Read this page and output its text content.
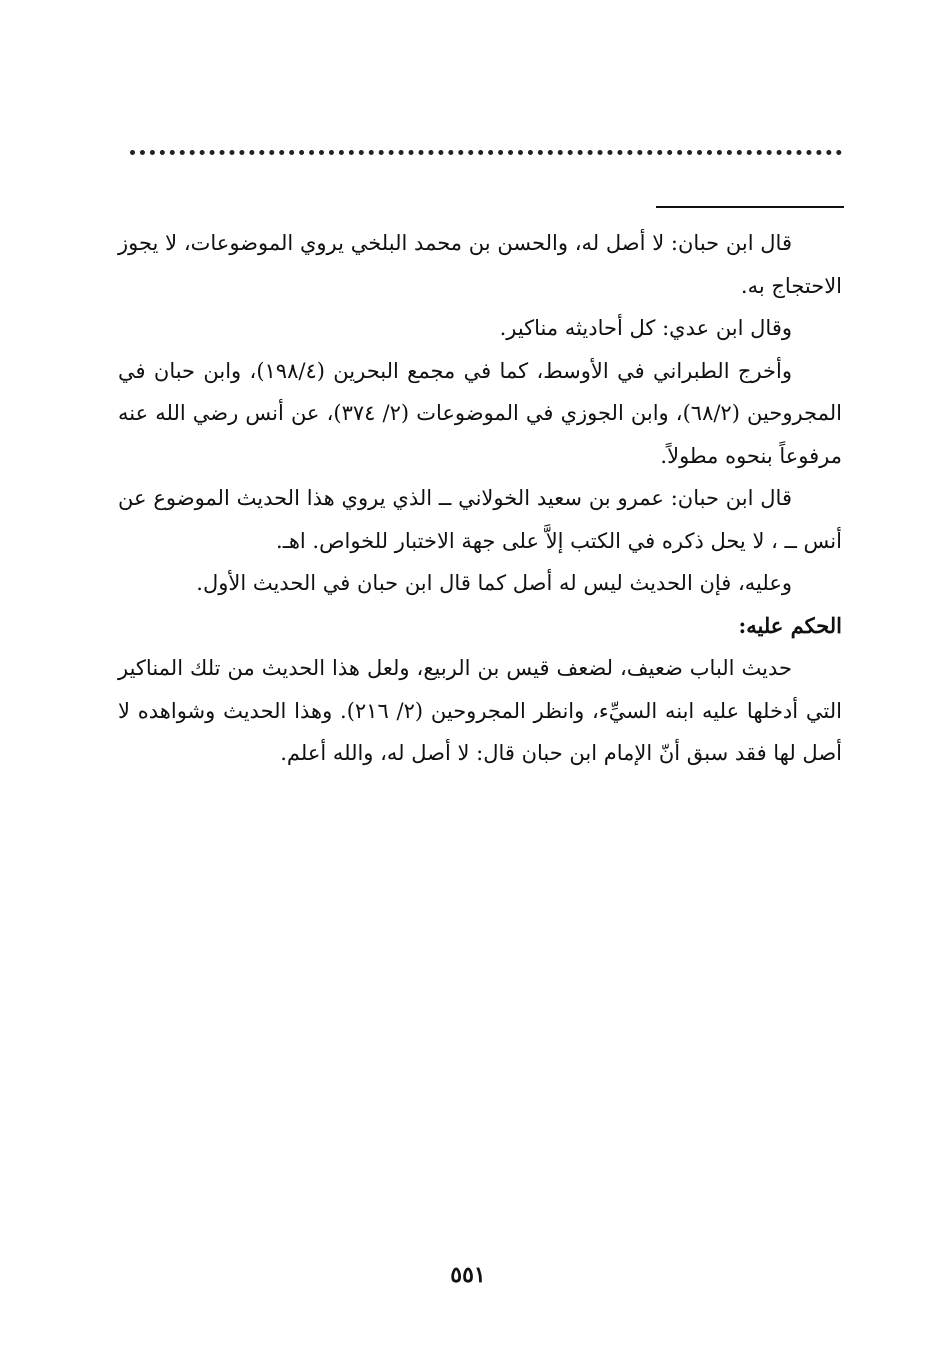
قال ابن حبان: لا أصل له، والحسن بن محمد البلخي يروي الموضوعات، لا يجوز الاحتجاج به.

وقال ابن عدي: كل أحاديثه مناكير.

وأخرج الطبراني في الأوسط، كما في مجمع البحرين (١٩٨/٤)، وابن حبان في المجروحين (٦٨/٢)، وابن الجوزي في الموضوعات (٢/ ٣٧٤)، عن أنس رضي الله عنه مرفوعاً بنحوه مطولاً.

قال ابن حبان: عمرو بن سعيد الخولاني ــ الذي يروي هذا الحديث الموضوع عن أنس ــ ، لا يحل ذكره في الكتب إلاَّ على جهة الاختبار للخواص. اهـ.

وعليه، فإن الحديث ليس له أصل كما قال ابن حبان في الحديث الأول.

الحكم عليه:

حديث الباب ضعيف، لضعف قيس بن الربيع، ولعل هذا الحديث من تلك المناكير التي أدخلها عليه ابنه السيِّء، وانظر المجروحين (٢/ ٢١٦). وهذا الحديث وشواهده لا أصل لها فقد سبق أنّ الإمام ابن حبان قال: لا أصل له، والله أعلم.

٥٥١
